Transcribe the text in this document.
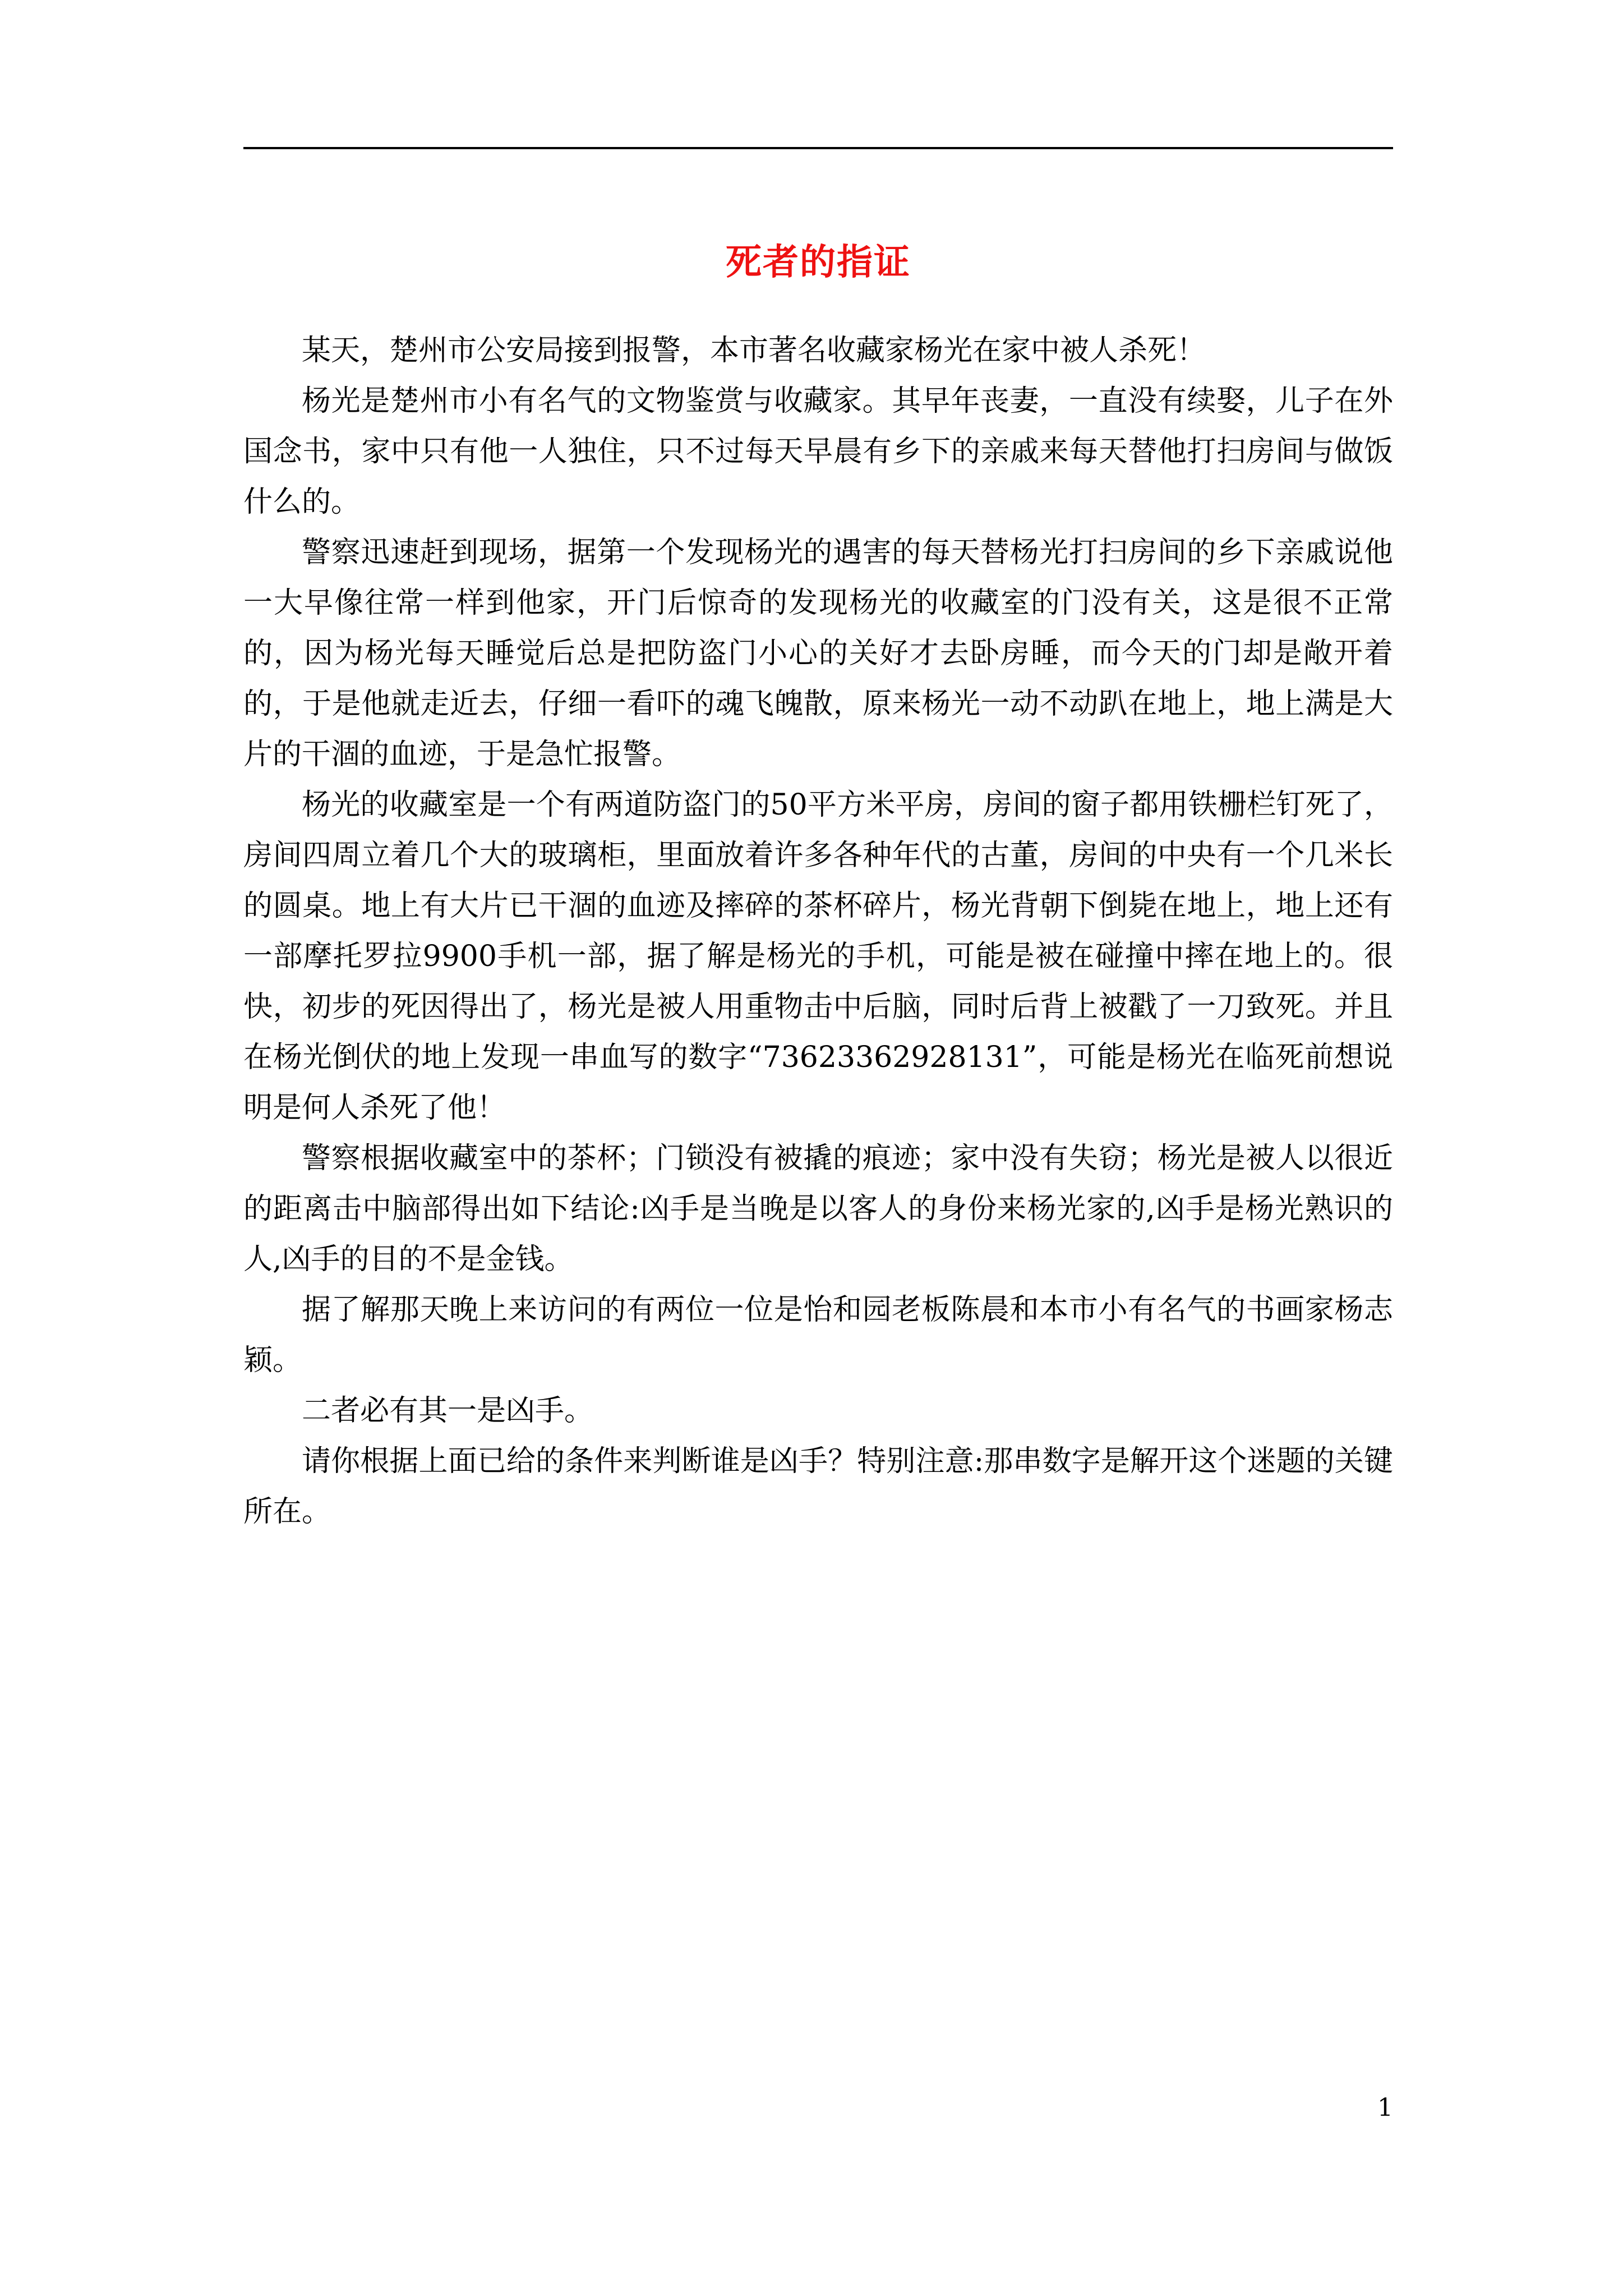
死者的指证

某天，楚州市公安局接到报警，本市著名收藏家杨光在家中被人杀死！

杨光是楚州市小有名气的文物鉴赏与收藏家。其早年丧妻，一直没有续娶，儿子在外国念书，家中只有他一人独住，只不过每天早晨有乡下的亲戚来每天替他打扫房间与做饭什么的。

警察迅速赶到现场，据第一个发现杨光的遇害的每天替杨光打扫房间的乡下亲戚说他一大早像往常一样到他家，开门后惊奇的发现杨光的收藏室的门没有关，这是很不正常的，因为杨光每天睡觉后总是把防盗门小心的关好才去卧房睡，而今天的门却是敞开着的，于是他就走近去，仔细一看吓的魂飞魄散，原来杨光一动不动趴在地上，地上满是大片的干涸的血迹，于是急忙报警。

杨光的收藏室是一个有两道防盗门的50平方米平房，房间的窗子都用铁栅栏钉死了，房间四周立着几个大的玻璃柜，里面放着许多各种年代的古董，房间的中央有一个几米长的圆桌。地上有大片已干涸的血迹及摔碎的茶杯碎片，杨光背朝下倒毙在地上，地上还有一部摩托罗拉9900手机一部，据了解是杨光的手机，可能是被在碰撞中摔在地上的。很快，初步的死因得出了，杨光是被人用重物击中后脑，同时后背上被戳了一刀致死。并且在杨光倒伏的地上发现一串血写的数字“73623362928131”，可能是杨光在临死前想说明是何人杀死了他！

警察根据收藏室中的茶杯；门锁没有被撬的痕迹；家中没有失窃；杨光是被人以很近的距离击中脑部得出如下结论:凶手是当晚是以客人的身份来杨光家的,凶手是杨光熟识的人,凶手的目的不是金钱。

据了解那天晚上来访问的有两位一位是怡和园老板陈晨和本市小有名气的书画家杨志颖。

二者必有其一是凶手。

请你根据上面已给的条件来判断谁是凶手？特别注意:那串数字是解开这个迷题的关键所在。

1
